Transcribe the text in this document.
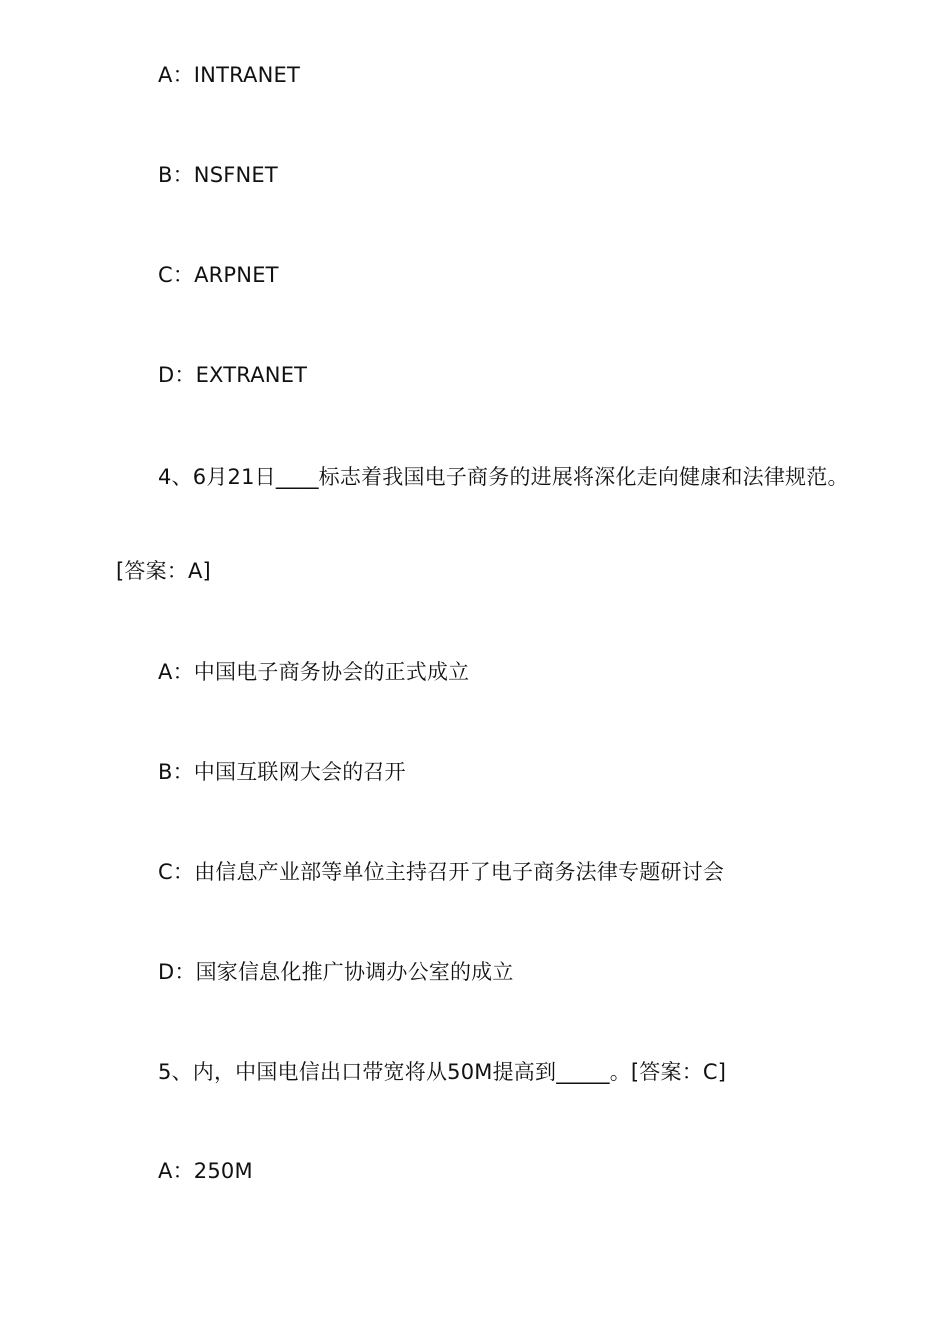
A：INTRANET
B：NSFNET
C：ARPNET
D：EXTRANET
4、6月21日____标志着我国电子商务的进展将深化走向健康和法律规范。
[答案：A]
A：中国电子商务协会的正式成立
B：中国互联网大会的召开
C：由信息产业部等单位主持召开了电子商务法律专题研讨会
D：国家信息化推广协调办公室的成立
5、内，中国电信出口带宽将从50M提高到_____。[答案：C]
A：250M
